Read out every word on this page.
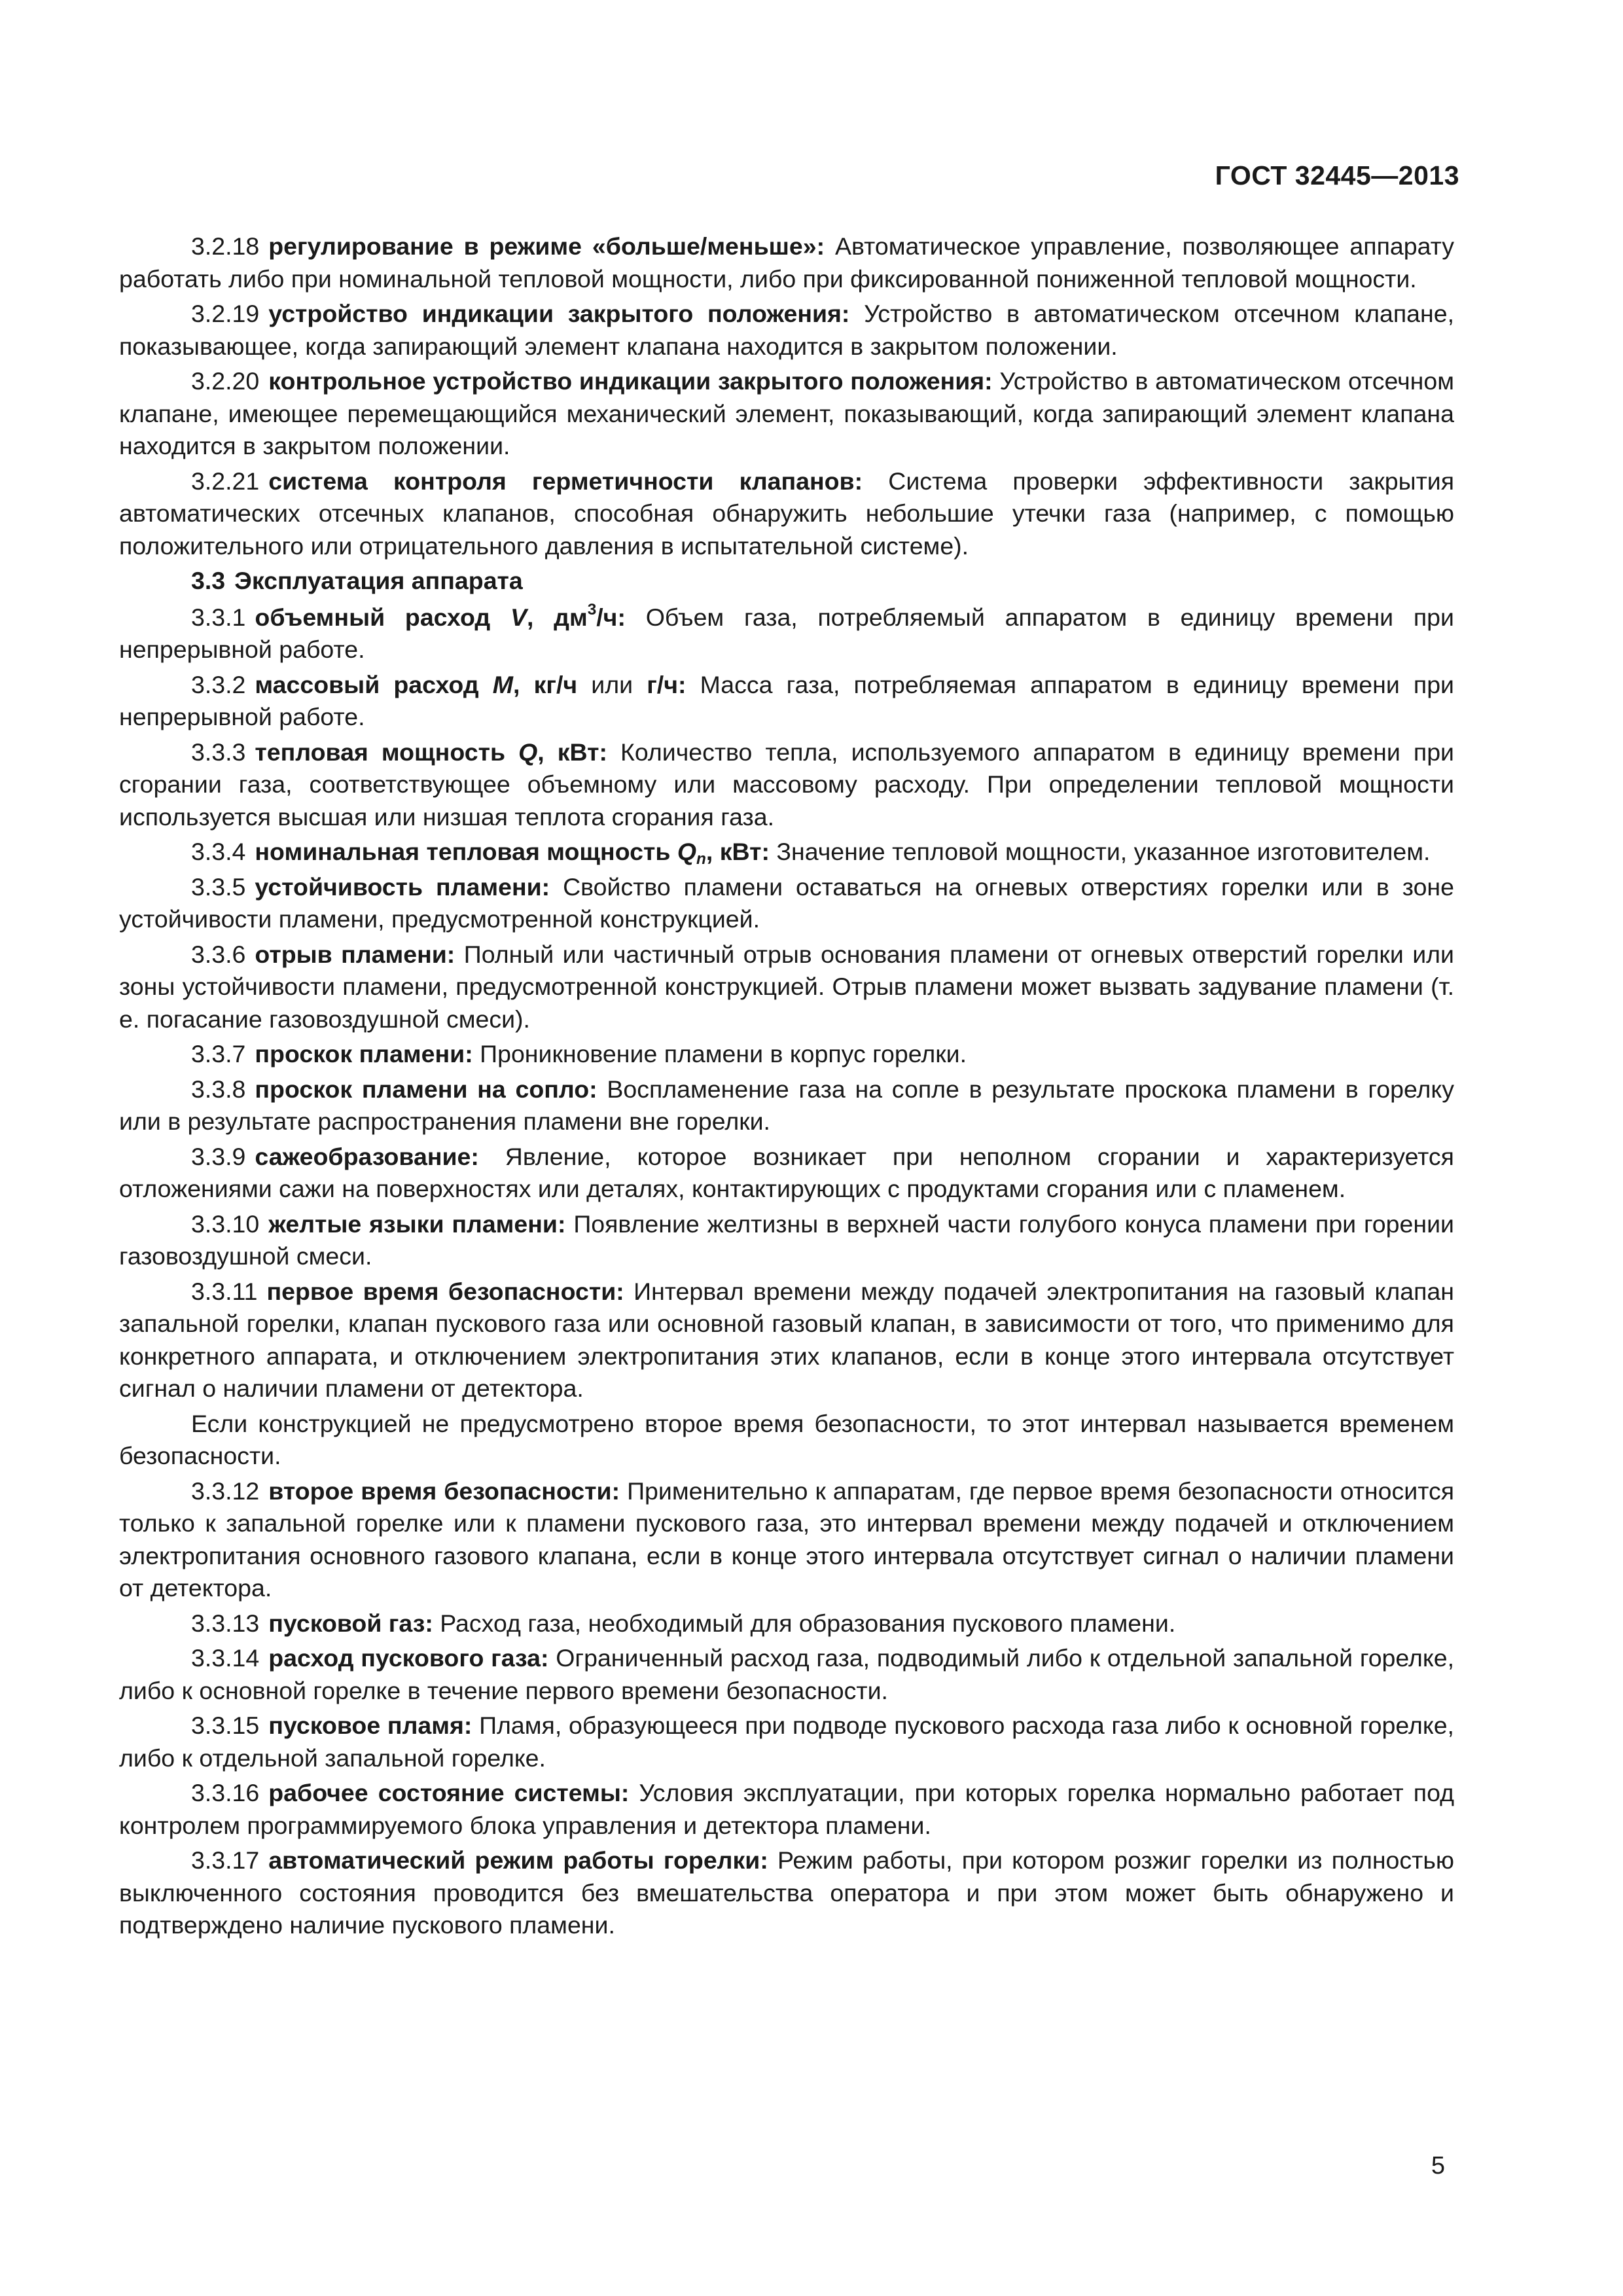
ГОСТ 32445—2013

3.2.18 регулирование в режиме «больше/меньше»: Автоматическое управление, позволяющее аппарату работать либо при номинальной тепловой мощности, либо при фиксированной пониженной тепловой мощности.

3.2.19 устройство индикации закрытого положения: Устройство в автоматическом отсечном клапане, показывающее, когда запирающий элемент клапана находится в закрытом положении.

3.2.20 контрольное устройство индикации закрытого положения: Устройство в автоматическом отсечном клапане, имеющее перемещающийся механический элемент, показывающий, когда запирающий элемент клапана находится в закрытом положении.

3.2.21 система контроля герметичности клапанов: Система проверки эффективности закрытия автоматических отсечных клапанов, способная обнаружить небольшие утечки газа (например, с помощью положительного или отрицательного давления в испытательной системе).

3.3 Эксплуатация аппарата

3.3.1 объемный расход V, $дм^3/ч$: Объем газа, потребляемый аппаратом в единицу времени при непрерывной работе.

3.3.2 массовый расход M, кг/ч или г/ч: Масса газа, потребляемая аппаратом в единицу времени при непрерывной работе.

3.3.3 тепловая мощность Q, кВт: Количество тепла, используемого аппаратом в единицу времени при сгорании газа, соответствующее объемному или массовому расходу. При определении тепловой мощности используется высшая или низшая теплота сгорания газа.

3.3.4 номинальная тепловая мощность $Q_n$, кВт: Значение тепловой мощности, указанное изготовителем.

3.3.5 устойчивость пламени: Свойство пламени оставаться на огневых отверстиях горелки или в зоне устойчивости пламени, предусмотренной конструкцией.

3.3.6 отрыв пламени: Полный или частичный отрыв основания пламени от огневых отверстий горелки или зоны устойчивости пламени, предусмотренной конструкцией. Отрыв пламени может вызвать задувание пламени (т. е. погасание газовоздушной смеси).

3.3.7 проскок пламени: Проникновение пламени в корпус горелки.

3.3.8 проскок пламени на сопло: Воспламенение газа на сопле в результате проскока пламени в горелку или в результате распространения пламени вне горелки.

3.3.9 сажеобразование: Явление, которое возникает при неполном сгорании и характеризуется отложениями сажи на поверхностях или деталях, контактирующих с продуктами сгорания или с пламенем.

3.3.10 желтые языки пламени: Появление желтизны в верхней части голубого конуса пламени при горении газовоздушной смеси.

3.3.11 первое время безопасности: Интервал времени между подачей электропитания на газовый клапан запальной горелки, клапан пускового газа или основной газовый клапан, в зависимости от того, что применимо для конкретного аппарата, и отключением электропитания этих клапанов, если в конце этого интервала отсутствует сигнал о наличии пламени от детектора.

Если конструкцией не предусмотрено второе время безопасности, то этот интервал называется временем безопасности.

3.3.12 второе время безопасности: Применительно к аппаратам, где первое время безопасности относится только к запальной горелке или к пламени пускового газа, это интервал времени между подачей и отключением электропитания основного газового клапана, если в конце этого интервала отсутствует сигнал о наличии пламени от детектора.

3.3.13 пусковой газ: Расход газа, необходимый для образования пускового пламени.

3.3.14 расход пускового газа: Ограниченный расход газа, подводимый либо к отдельной запальной горелке, либо к основной горелке в течение первого времени безопасности.

3.3.15 пусковое пламя: Пламя, образующееся при подводе пускового расхода газа либо к основной горелке, либо к отдельной запальной горелке.

3.3.16 рабочее состояние системы: Условия эксплуатации, при которых горелка нормально работает под контролем программируемого блока управления и детектора пламени.

3.3.17 автоматический режим работы горелки: Режим работы, при котором розжиг горелки из полностью выключенного состояния проводится без вмешательства оператора и при этом может быть обнаружено и подтверждено наличие пускового пламени.

5
